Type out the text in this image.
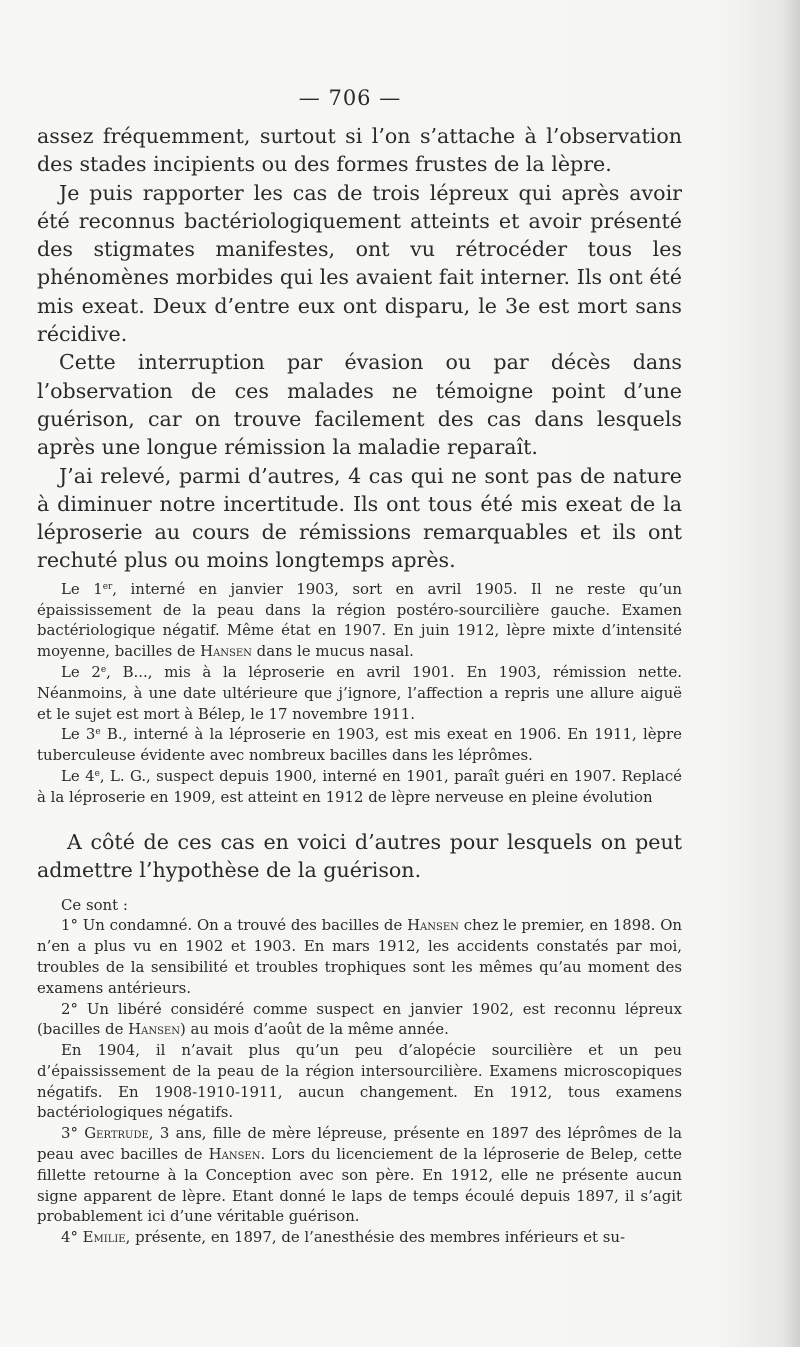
— 706 —

assez fréquemment, surtout si l’on s’attache à l’observation des stades incipients ou des formes frustes de la lèpre.

Je puis rapporter les cas de trois lépreux qui après avoir été reconnus bactériologiquement atteints et avoir présenté des stigmates manifestes, ont vu rétrocéder tous les phénomènes morbides qui les avaient fait interner. Ils ont été mis exeat. Deux d’entre eux ont disparu, le 3e est mort sans récidive.

Cette interruption par évasion ou par décès dans l’observation de ces malades ne témoigne point d’une guérison, car on trouve facilement des cas dans lesquels après une longue rémission la maladie reparaît.

J’ai relevé, parmi d’autres, 4 cas qui ne sont pas de nature à diminuer notre incertitude. Ils ont tous été mis exeat de la léproserie au cours de rémissions remarquables et ils ont rechuté plus ou moins longtemps après.

Le 1er, interné en janvier 1903, sort en avril 1905. Il ne reste qu’un épaississement de la peau dans la région postéro-sourcilière gauche. Examen bactériologique négatif. Même état en 1907. En juin 1912, lèpre mixte d’intensité moyenne, bacilles de Hansen dans le mucus nasal.

Le 2e, B..., mis à la léproserie en avril 1901. En 1903, rémission nette. Néanmoins, à une date ultérieure que j’ignore, l’affection a repris une allure aiguë et le sujet est mort à Bélep, le 17 novembre 1911.

Le 3e B., interné à la léproserie en 1903, est mis exeat en 1906. En 1911, lèpre tuberculeuse évidente avec nombreux bacilles dans les léprômes.

Le 4e, L. G., suspect depuis 1900, interné en 1901, paraît guéri en 1907. Replacé à la léproserie en 1909, est atteint en 1912 de lèpre nerveuse en pleine évolution

A côté de ces cas en voici d’autres pour lesquels on peut admettre l’hypothèse de la guérison.

Ce sont :

1° Un condamné. On a trouvé des bacilles de Hansen chez le premier, en 1898. On n’en a plus vu en 1902 et 1903. En mars 1912, les accidents constatés par moi, troubles de la sensibilité et troubles trophiques sont les mêmes qu’au moment des examens antérieurs.

2° Un libéré considéré comme suspect en janvier 1902, est reconnu lépreux (bacilles de Hansen) au mois d’août de la même année.

En 1904, il n’avait plus qu’un peu d’alopécie sourcilière et un peu d’épaississement de la peau de la région intersourcilière. Examens microscopiques négatifs. En 1908-1910-1911, aucun changement. En 1912, tous examens bactériologiques négatifs.

3° Gertrude, 3 ans, fille de mère lépreuse, présente en 1897 des léprômes de la peau avec bacilles de Hansen. Lors du licenciement de la léproserie de Belep, cette fillette retourne à la Conception avec son père. En 1912, elle ne présente aucun signe apparent de lèpre. Etant donné le laps de temps écoulé depuis 1897, il s’agit probablement ici d’une véritable guérison.

4° Emilie, présente, en 1897, de l’anesthésie des membres inférieurs et su-
